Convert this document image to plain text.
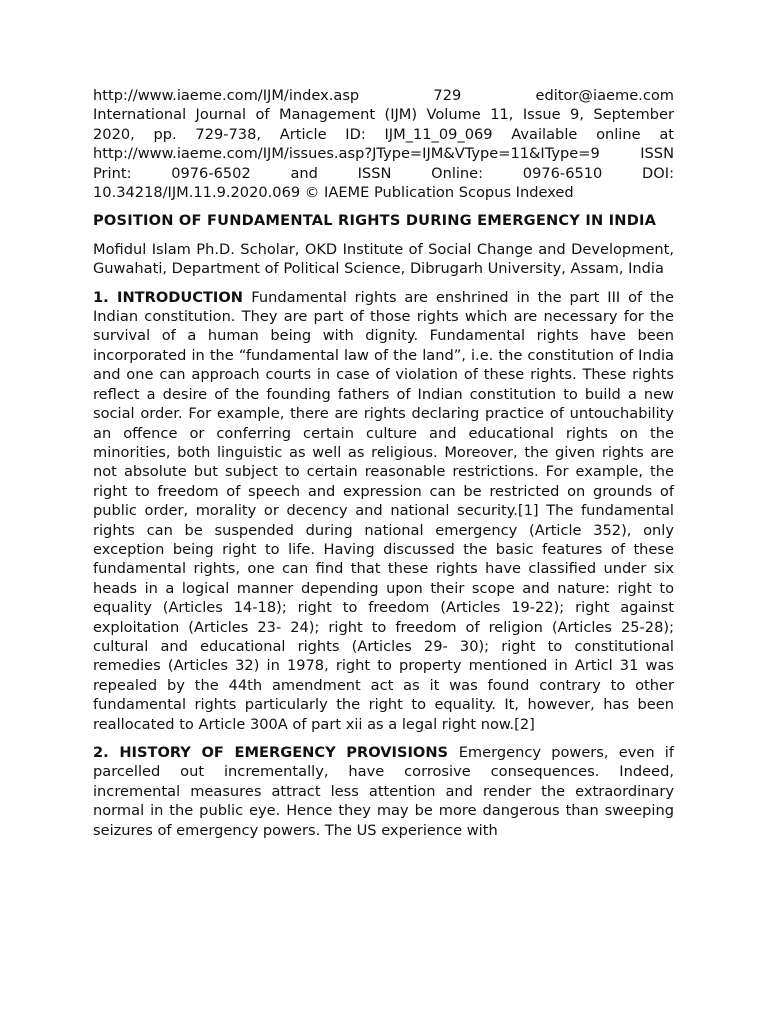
http://www.iaeme.com/IJM/index.asp	729	editor@iaeme.com
International Journal of Management (IJM) Volume 11, Issue 9, September 2020, pp. 729-738, Article ID: IJM_11_09_069 Available online at http://www.iaeme.com/IJM/issues.asp?JType=IJM&VType=11&IType=9 ISSN Print: 0976-6502 and ISSN Online: 0976-6510 DOI: 10.34218/IJM.11.9.2020.069 © IAEME Publication Scopus Indexed

POSITION OF FUNDAMENTAL RIGHTS DURING EMERGENCY IN INDIA

Mofidul Islam Ph.D. Scholar, OKD Institute of Social Change and Development, Guwahati, Department of Political Science, Dibrugarh University, Assam, India

1. INTRODUCTION Fundamental rights are enshrined in the part III of the Indian constitution. They are part of those rights which are necessary for the survival of a human being with dignity. Fundamental rights have been incorporated in the “fundamental law of the land”, i.e. the constitution of India and one can approach courts in case of violation of these rights. These rights reflect a desire of the founding fathers of Indian constitution to build a new social order. For example, there are rights declaring practice of untouchability an offence or conferring certain culture and educational rights on the minorities, both linguistic as well as religious. Moreover, the given rights are not absolute but subject to certain reasonable restrictions. For example, the right to freedom of speech and expression can be restricted on grounds of public order, morality or decency and national security.[1] The fundamental rights can be suspended during national emergency (Article 352), only exception being right to life. Having discussed the basic features of these fundamental rights, one can find that these rights have classified under six heads in a logical manner depending upon their scope and nature: right to equality (Articles 14-18); right to freedom (Articles 19-22); right against exploitation (Articles 23- 24); right to freedom of religion (Articles 25-28); cultural and educational rights (Articles 29- 30); right to constitutional remedies (Articles 32) in 1978, right to property mentioned in Articl 31 was repealed by the 44th amendment act as it was found contrary to other fundamental rights particularly the right to equality. It, however, has been reallocated to Article 300A of part xii as a legal right now.[2]

2. HISTORY OF EMERGENCY PROVISIONS Emergency powers, even if parcelled out incrementally, have corrosive consequences. Indeed, incremental measures attract less attention and render the extraordinary normal in the public eye. Hence they may be more dangerous than sweeping seizures of emergency powers. The US experience with
